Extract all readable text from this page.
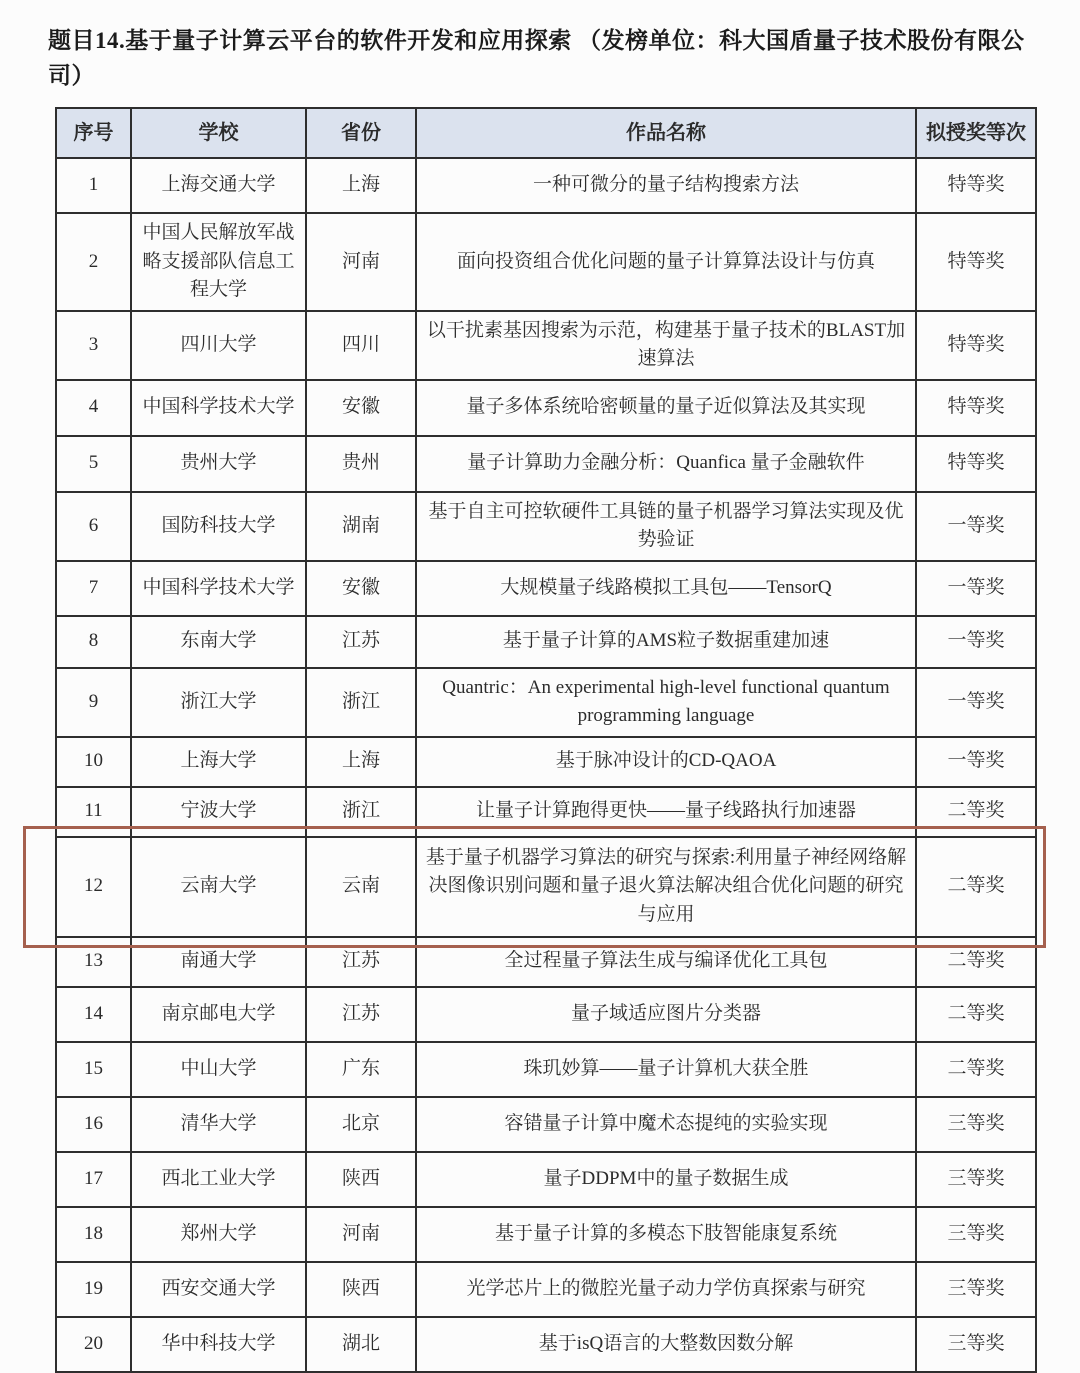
题目14.基于量子计算云平台的软件开发和应用探索 （发榜单位：科大国盾量子技术股份有限公司）
序号	学校	省份	作品名称	拟授奖等次
1	上海交通大学	上海	一种可微分的量子结构搜索方法	特等奖
2	中国人民解放军战略支援部队信息工程大学	河南	面向投资组合优化问题的量子计算算法设计与仿真	特等奖
3	四川大学	四川	以干扰素基因搜索为示范，构建基于量子技术的BLAST加速算法	特等奖
4	中国科学技术大学	安徽	量子多体系统哈密顿量的量子近似算法及其实现	特等奖
5	贵州大学	贵州	量子计算助力金融分析：Quanfica 量子金融软件	特等奖
6	国防科技大学	湖南	基于自主可控软硬件工具链的量子机器学习算法实现及优势验证	一等奖
7	中国科学技术大学	安徽	大规模量子线路模拟工具包——TensorQ	一等奖
8	东南大学	江苏	基于量子计算的AMS粒子数据重建加速	一等奖
9	浙江大学	浙江	Quantric：An experimental high-level functional quantum programming language	一等奖
10	上海大学	上海	基于脉冲设计的CD-QAOA	一等奖
11	宁波大学	浙江	让量子计算跑得更快——量子线路执行加速器	二等奖
12	云南大学	云南	基于量子机器学习算法的研究与探索:利用量子神经网络解决图像识别问题和量子退火算法解决组合优化问题的研究与应用	二等奖
13	南通大学	江苏	全过程量子算法生成与编译优化工具包	二等奖
14	南京邮电大学	江苏	量子域适应图片分类器	二等奖
15	中山大学	广东	珠玑妙算——量子计算机大获全胜	二等奖
16	清华大学	北京	容错量子计算中魔术态提纯的实验实现	三等奖
17	西北工业大学	陕西	量子DDPM中的量子数据生成	三等奖
18	郑州大学	河南	基于量子计算的多模态下肢智能康复系统	三等奖
19	西安交通大学	陕西	光学芯片上的微腔光量子动力学仿真探索与研究	三等奖
20	华中科技大学	湖北	基于isQ语言的大整数因数分解	三等奖
